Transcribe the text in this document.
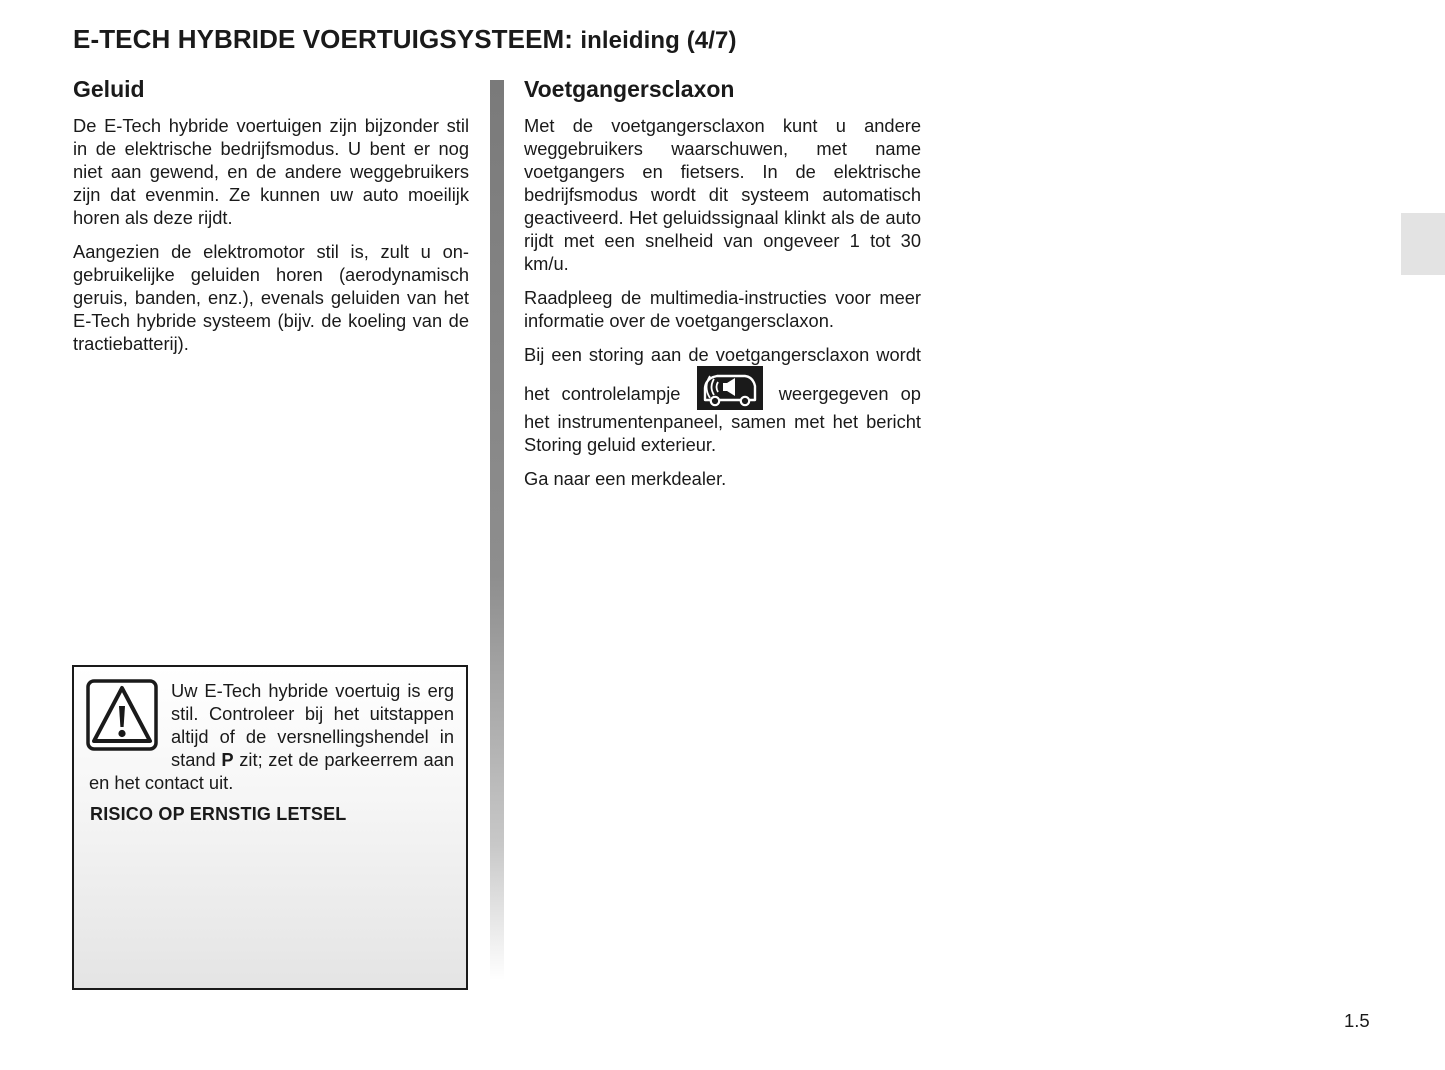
E-TECH HYBRIDE VOERTUIGSYSTEEM: inleiding (4/7)
Geluid

De E-Tech hybride voertuigen zijn bijzonder stil in de elektrische bedrijfsmodus. U bent er nog niet aan gewend, en de andere weggebruikers zijn dat evenmin. Ze kunnen uw auto moeilijk horen als deze rijdt.

Aangezien de elektromotor stil is, zult u ongebruikelijke geluiden horen (aerodynamisch geruis, banden, enz.), evenals geluiden van het E-Tech hybride systeem (bijv. de koeling van de tractiebatterij).

Uw E-Tech hybride voertuig is erg stil. Controleer bij het uitstappen altijd of de versnellingshendel in stand P zit; zet de parkeerrem aan en het contact uit.
RISICO OP ERNSTIG LETSEL
Voetgangersclaxon

Met de voetgangersclaxon kunt u andere weggebruikers waarschuwen, met name voetgangers en fietsers. In de elektrische bedrijfsmodus wordt dit systeem automatisch geactiveerd. Het geluidssignaal klinkt als de auto rijdt met een snelheid van ongeveer 1 tot 30 km/u.

Raadpleeg de multimedia-instructies voor meer informatie over de voetgangersclaxon.

Bij een storing aan de voetgangersclaxon wordt het controlelampje	weergegeven op het instrumentenpaneel, samen met het bericht Storing geluid exterieur.

Ga naar een merkdealer.

1.5
